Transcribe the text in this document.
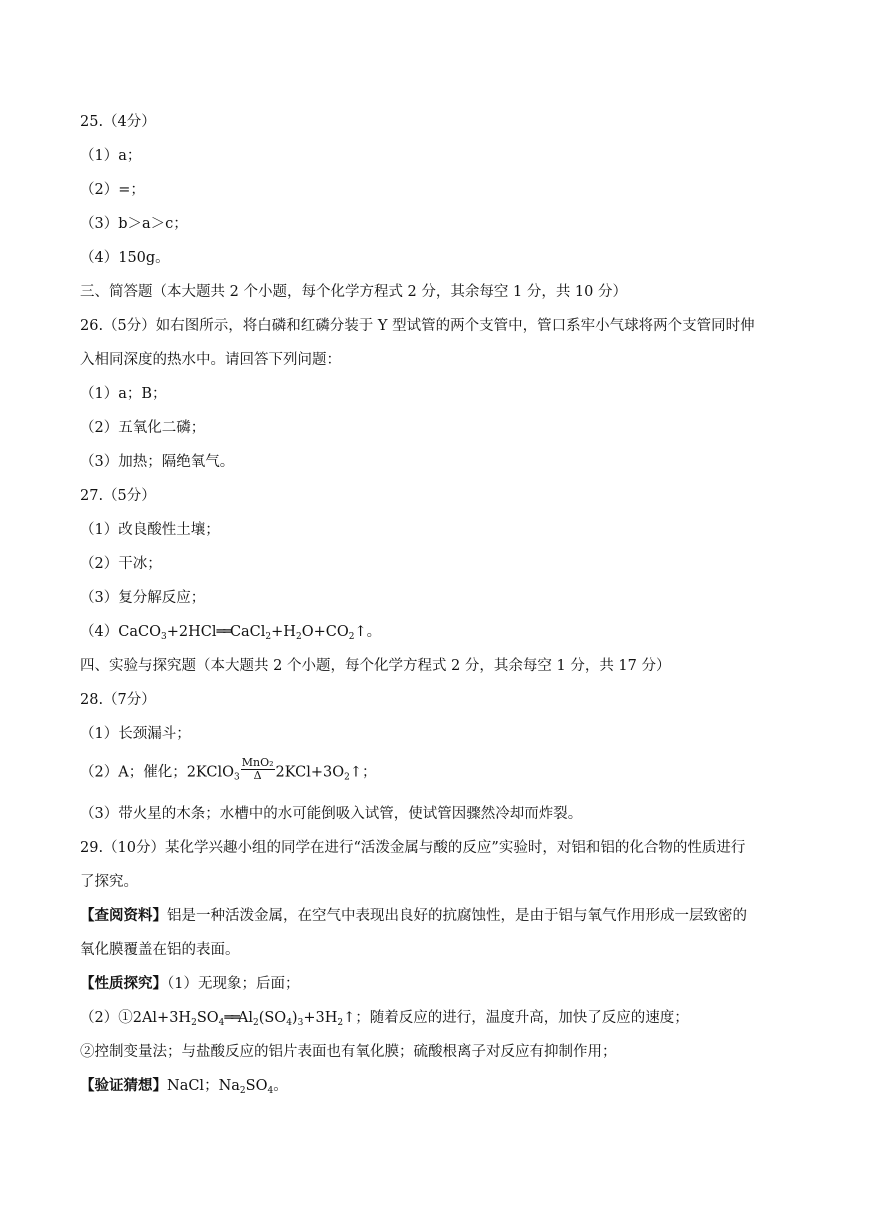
25.（4分）
（1）a；
（2）=；
（3）b＞a＞c；
（4）150g。
三、简答题（本大题共 2 个小题，每个化学方程式 2 分，其余每空 1 分，共 10 分）
26.（5分）如右图所示，将白磷和红磷分装于 Y 型试管的两个支管中，管口系牢小气球将两个支管同时伸
入相同深度的热水中。请回答下列问题：
（1）a；B；
（2）五氧化二磷；
（3）加热；隔绝氧气。
27.（5分）
（1）改良酸性土壤；
（2）干冰；
（3）复分解反应；
$(4)CaCO_3+2HCl══CaCl_2+H_2O+CO_2↑$。
四、实验与探究题（本大题共 2 个小题，每个化学方程式 2 分，其余每空 1 分，共 17 分）
28.（7分）
（1）长颈漏斗；
（2）A；催化；2KClO$_3$ $\frac{\text{MnO₂}}{\Delta}$ $2KCl+3O_2↑$；
（3）带火星的木条；水槽中的水可能倒吸入试管，使试管因骤然冷却而炸裂。
29.（10分）某化学兴趣小组的同学在进行“活泼金属与酸的反应”实验时，对铝和铝的化合物的性质进行
了探究。
【查阅资料】铝是一种活泼金属，在空气中表现出良好的抗腐蚀性，是由于铝与氧气作用形成一层致密的
氧化膜覆盖在铝的表面。
【性质探究】（1）无现象；后面；
$(2)①2Al+3H_2SO_4══Al_2(SO_4)_3+3H_2↑$；随着反应的进行，温度升高，加快了反应的速度；
②控制变量法；与盐酸反应的铝片表面也有氧化膜；硫酸根离子对反应有抑制作用；
【验证猜想】NaCl；$Na_2SO_4$。
